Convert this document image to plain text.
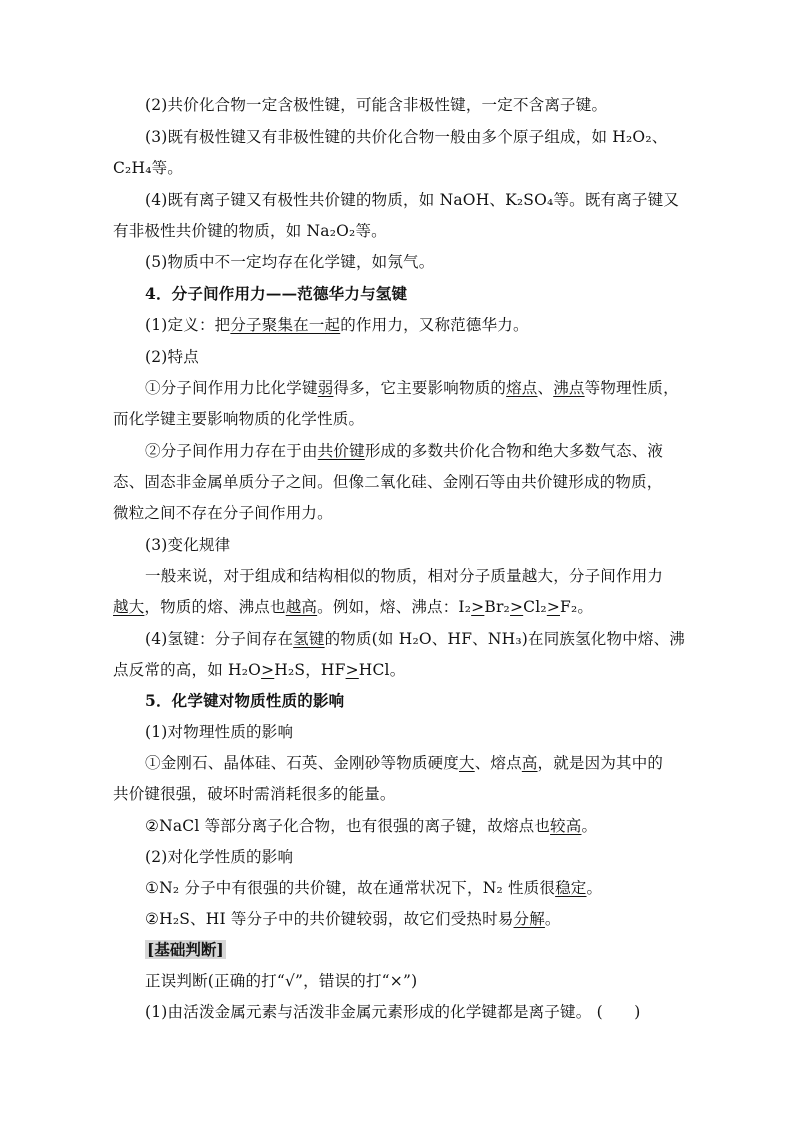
(2)共价化合物一定含极性键，可能含非极性键，一定不含离子键。
(3)既有极性键又有非极性键的共价化合物一般由多个原子组成，如 H₂O₂、
C₂H₄等。
(4)既有离子键又有极性共价键的物质，如 NaOH、K₂SO₄等。既有离子键又
有非极性共价键的物质，如 Na₂O₂等。
(5)物质中不一定均存在化学键，如氖气。
4．分子间作用力——范德华力与氢键
(1)定义：把分子聚集在一起的作用力，又称范德华力。
(2)特点
①分子间作用力比化学键弱得多，它主要影响物质的熔点、沸点等物理性质，
而化学键主要影响物质的化学性质。
②分子间作用力存在于由共价键形成的多数共价化合物和绝大多数气态、液
态、固态非金属单质分子之间。但像二氧化硅、金刚石等由共价键形成的物质，
微粒之间不存在分子间作用力。
(3)变化规律
一般来说，对于组成和结构相似的物质，相对分子质量越大，分子间作用力
越大，物质的熔、沸点也越高。例如，熔、沸点：I₂>Br₂>Cl₂>F₂。
(4)氢键：分子间存在氢键的物质(如 H₂O、HF、NH₃)在同族氢化物中熔、沸
点反常的高，如 H₂O>H₂S，HF>HCl。
5．化学键对物质性质的影响
(1)对物理性质的影响
①金刚石、晶体硅、石英、金刚砂等物质硬度大、熔点高，就是因为其中的
共价键很强，破坏时需消耗很多的能量。
②NaCl 等部分离子化合物，也有很强的离子键，故熔点也较高。
(2)对化学性质的影响
①N₂ 分子中有很强的共价键，故在通常状况下，N₂ 性质很稳定。
②H₂S、HI 等分子中的共价键较弱，故它们受热时易分解。
[基础判断]
正误判断(正确的打“√”，错误的打“×”)
(1)由活泼金属元素与活泼非金属元素形成的化学键都是离子键。 (　　)
